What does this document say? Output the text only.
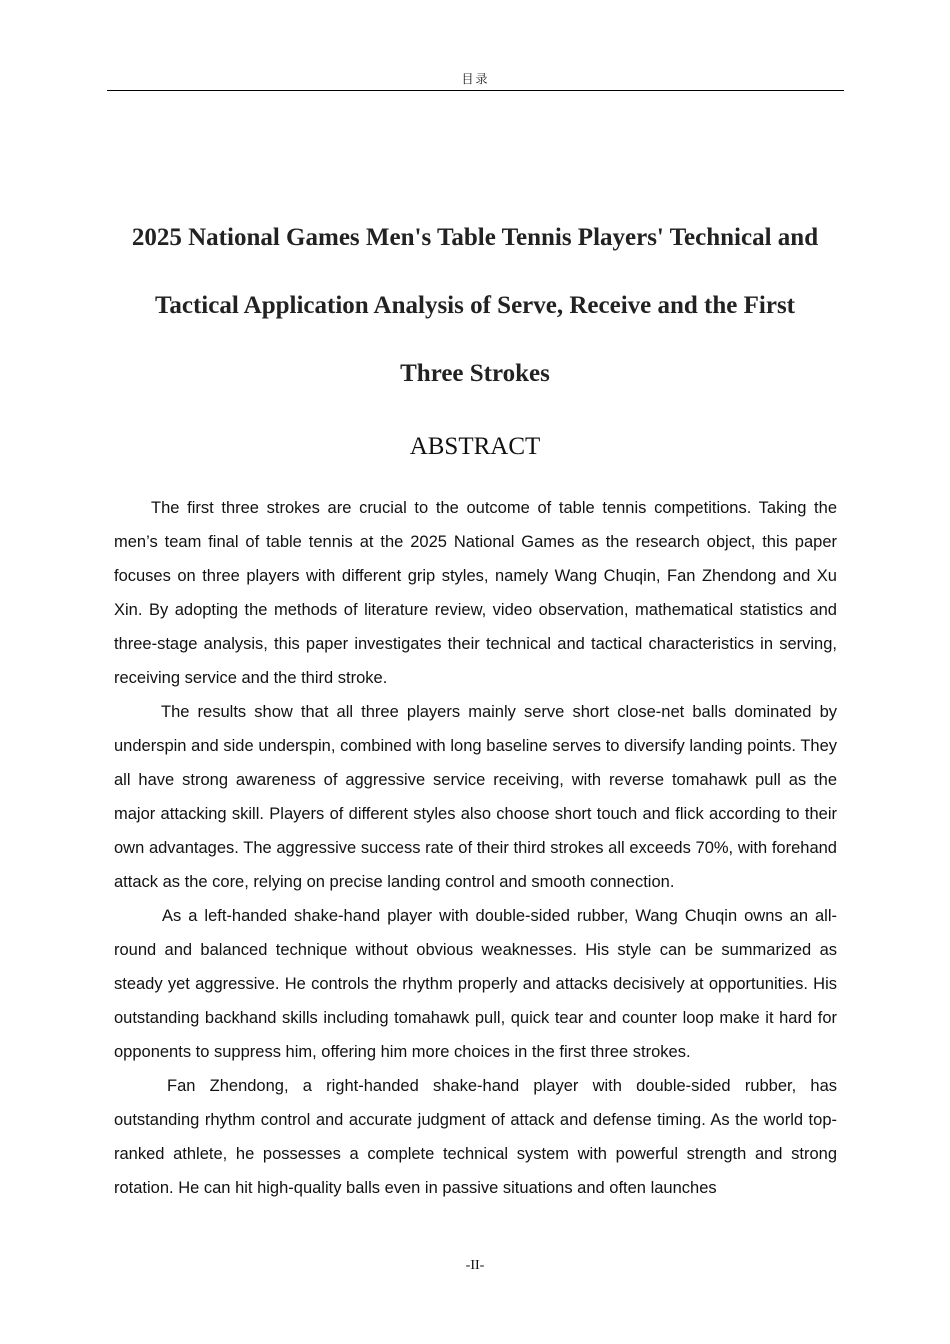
目录
2025 National Games Men's Table Tennis Players' Technical and
Tactical Application Analysis of Serve, Receive and the First
Three Strokes
ABSTRACT

The first three strokes are crucial to the outcome of table tennis competitions. Taking the men’s team final of table tennis at the 2025 National Games as the research object, this paper focuses on three players with different grip styles, namely Wang Chuqin, Fan Zhendong and Xu Xin. By adopting the methods of literature review, video observation, mathematical statistics and three-stage analysis, this paper investigates their technical and tactical characteristics in serving, receiving service and the third stroke.

The results show that all three players mainly serve short close-net balls dominated by underspin and side underspin, combined with long baseline serves to diversify landing points. They all have strong awareness of aggressive service receiving, with reverse tomahawk pull as the major attacking skill. Players of different styles also choose short touch and flick according to their own advantages. The aggressive success rate of their third strokes all exceeds 70%, with forehand attack as the core, relying on precise landing control and smooth connection.

As a left-handed shake-hand player with double-sided rubber, Wang Chuqin owns an all-round and balanced technique without obvious weaknesses. His style can be summarized as steady yet aggressive. He controls the rhythm properly and attacks decisively at opportunities. His outstanding backhand skills including tomahawk pull, quick tear and counter loop make it hard for opponents to suppress him, offering him more choices in the first three strokes.

Fan Zhendong, a right-handed shake-hand player with double-sided rubber, has outstanding rhythm control and accurate judgment of attack and defense timing. As the world top-ranked athlete, he possesses a complete technical system with powerful strength and strong rotation. He can hit high-quality balls even in passive situations and often launches

-II-
